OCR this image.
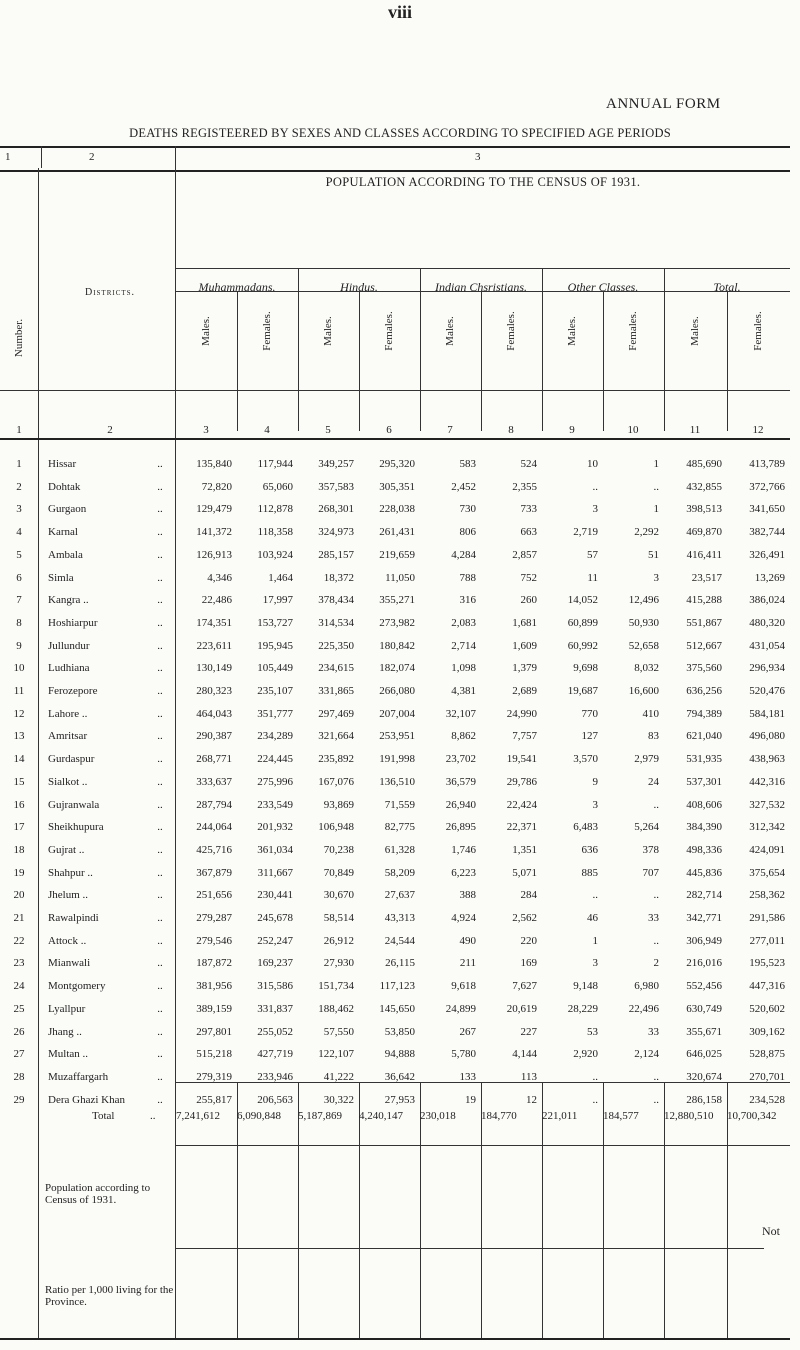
viii
ANNUAL FORM
DEATHS REGISTEERED BY SEXES AND CLASSES ACCORDING TO SPECIFIED AGE PERIODS
1	2	3
POPULATION ACCORDING TO THE CENSUS OF 1931.
Districts.
Number.
Muhammadans.	Hindus.	Indian Chsristians.	Other Classes.	Total.
Males.	Females.	Males.	Females.	Males.	Females.	Males.	Females.	Males.	Females.
1	2	3	4	5	6	7	8	9	10	11	12
1	Hissar	..	135,840	117,944	349,257	295,320	583	524	10	1	485,690	413,789
2	Dohtak	..	72,820	65,060	357,583	305,351	2,452	2,355	..	..	432,855	372,766
3	Gurgaon	..	129,479	112,878	268,301	228,038	730	733	3	1	398,513	341,650
4	Karnal	..	141,372	118,358	324,973	261,431	806	663	2,719	2,292	469,870	382,744
5	Ambala	..	126,913	103,924	285,157	219,659	4,284	2,857	57	51	416,411	326,491
6	Simla	..	4,346	1,464	18,372	11,050	788	752	11	3	23,517	13,269
7	Kangra ..	..	22,486	17,997	378,434	355,271	316	260	14,052	12,496	415,288	386,024
8	Hoshiarpur	..	174,351	153,727	314,534	273,982	2,083	1,681	60,899	50,930	551,867	480,320
9	Jullundur	..	223,611	195,945	225,350	180,842	2,714	1,609	60,992	52,658	512,667	431,054
10	Ludhiana	..	130,149	105,449	234,615	182,074	1,098	1,379	9,698	8,032	375,560	296,934
11	Ferozepore	..	280,323	235,107	331,865	266,080	4,381	2,689	19,687	16,600	636,256	520,476
12	Lahore ..	..	464,043	351,777	297,469	207,004	32,107	24,990	770	410	794,389	584,181
13	Amritsar	..	290,387	234,289	321,664	253,951	8,862	7,757	127	83	621,040	496,080
14	Gurdaspur	..	268,771	224,445	235,892	191,998	23,702	19,541	3,570	2,979	531,935	438,963
15	Sialkot ..	..	333,637	275,996	167,076	136,510	36,579	29,786	9	24	537,301	442,316
16	Gujranwala	..	287,794	233,549	93,869	71,559	26,940	22,424	3	..	408,606	327,532
17	Sheikhupura	..	244,064	201,932	106,948	82,775	26,895	22,371	6,483	5,264	384,390	312,342
18	Gujrat ..	..	425,716	361,034	70,238	61,328	1,746	1,351	636	378	498,336	424,091
19	Shahpur ..	..	367,879	311,667	70,849	58,209	6,223	5,071	885	707	445,836	375,654
20	Jhelum ..	..	251,656	230,441	30,670	27,637	388	284	..	..	282,714	258,362
21	Rawalpindi	..	279,287	245,678	58,514	43,313	4,924	2,562	46	33	342,771	291,586
22	Attock ..	..	279,546	252,247	26,912	24,544	490	220	1	..	306,949	277,011
23	Mianwali	..	187,872	169,237	27,930	26,115	211	169	3	2	216,016	195,523
24	Montgomery	..	381,956	315,586	151,734	117,123	9,618	7,627	9,148	6,980	552,456	447,316
25	Lyallpur	..	389,159	331,837	188,462	145,650	24,899	20,619	28,229	22,496	630,749	520,602
26	Jhang ..	..	297,801	255,052	57,550	53,850	267	227	53	33	355,671	309,162
27	Multan ..	..	515,218	427,719	122,107	94,888	5,780	4,144	2,920	2,124	646,025	528,875
28	Muzaffargarh	..	279,319	233,946	41,222	36,642	133	113	..	..	320,674	270,701
29	Dera Ghazi Khan	..	255,817	206,563	30,322	27,953	19	12	..	..	286,158	234,528
Total	.. 7,241,612	6,090,848	5,187,869	4,240,147	230,018	184,770	221,011	184,577	12,880,510	10,700,342
Population according to Census of 1931.
Ratio per 1,000 living for the Province.
Not
